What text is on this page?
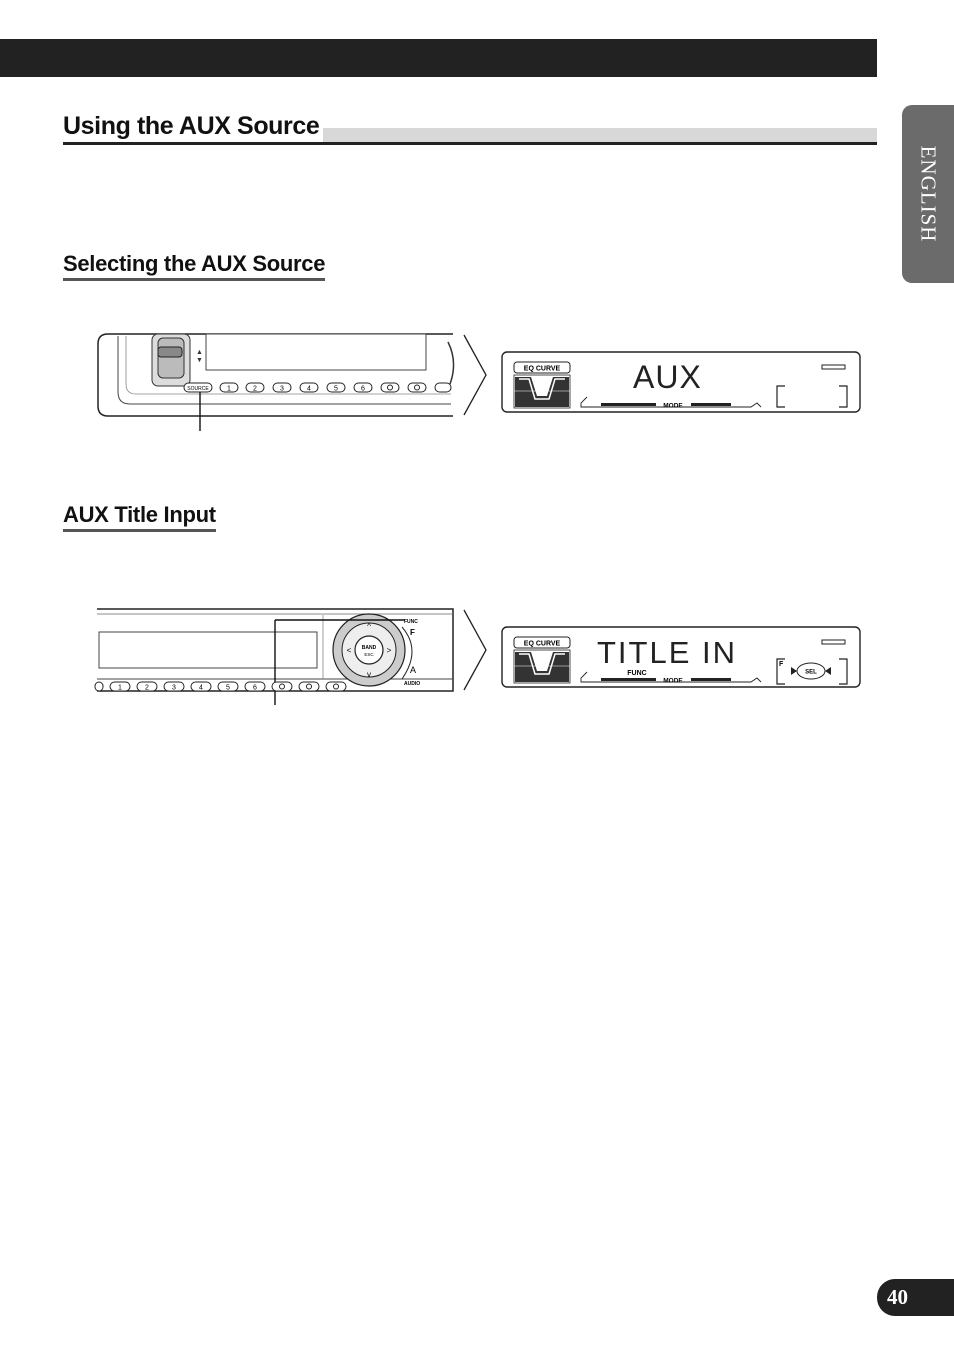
Using the AUX Source
ENGLISH
Selecting the AUX Source
AUX Title Input
▲
▼
SOURCE	1	2	3	4	5	6
EQ CURVE AUX
MODE
BAND
ESC
^
v
<	>
FUNC
F
A
AUDIO
1	2	3	4	5	6
EQ CURVE TITLE IN
FUNC
MODE
F
SEL
40
